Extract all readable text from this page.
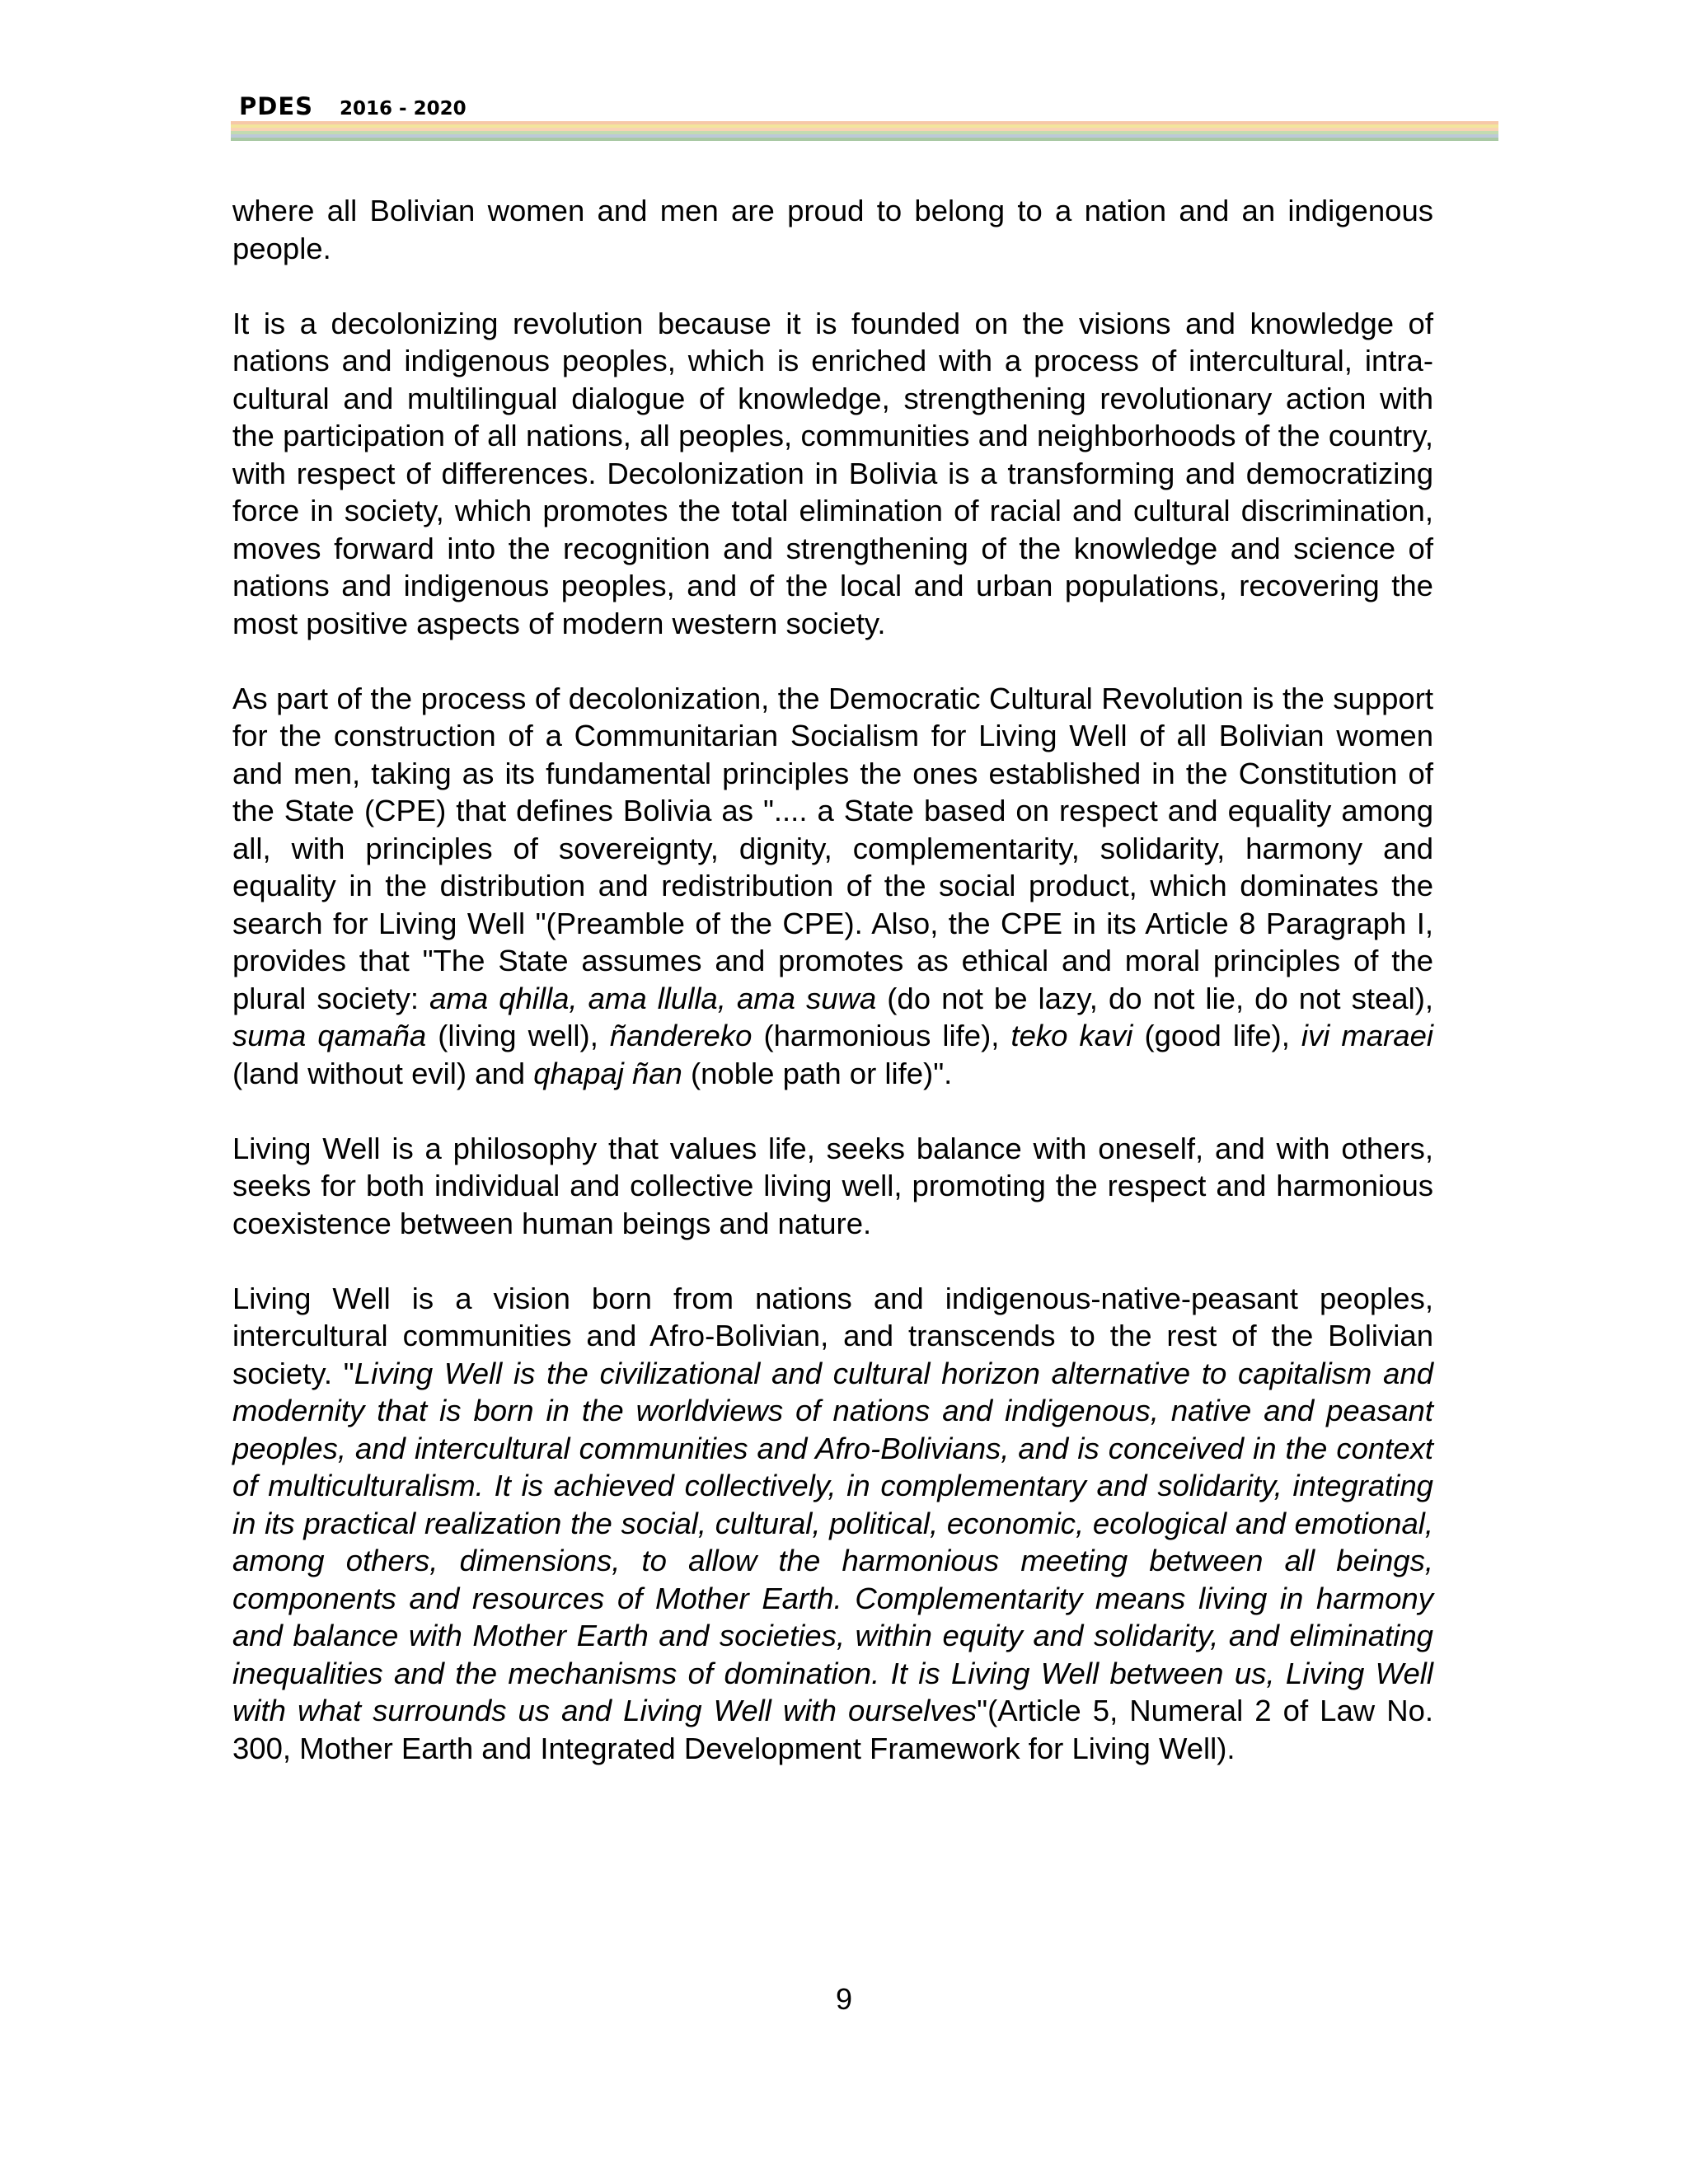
PDES 2016 - 2020

where all Bolivian women and men are proud to belong to a nation and an indigenous people.

It is a decolonizing revolution because it is founded on the visions and knowledge of nations and indigenous peoples, which is enriched with a process of intercultural, intra-cultural and multilingual dialogue of knowledge, strengthening revolutionary action with the participation of all nations, all peoples, communities and neighborhoods of the country, with respect of differences. Decolonization in Bolivia is a transforming and democratizing force in society, which promotes the total elimination of racial and cultural discrimination, moves forward into the recognition and strengthening of the knowledge and science of nations and indigenous peoples, and of the local and urban populations, recovering the most positive aspects of modern western society.

As part of the process of decolonization, the Democratic Cultural Revolution is the support for the construction of a Communitarian Socialism for Living Well of all Bolivian women and men, taking as its fundamental principles the ones established in the Constitution of the State (CPE) that defines Bolivia as ".... a State based on respect and equality among all, with principles of sovereignty, dignity, complementarity, solidarity, harmony and equality in the distribution and redistribution of the social product, which dominates the search for Living Well "(Preamble of the CPE). Also, the CPE in its Article 8 Paragraph I, provides that "The State assumes and promotes as ethical and moral principles of the plural society: ama qhilla, ama llulla, ama suwa (do not be lazy, do not lie, do not steal), suma qamaña (living well), ñandereko (harmonious life), teko kavi (good life), ivi maraei (land without evil) and qhapaj ñan (noble path or life)".

Living Well is a philosophy that values life, seeks balance with oneself, and with others, seeks for both individual and collective living well, promoting the respect and harmonious coexistence between human beings and nature.

Living Well is a vision born from nations and indigenous-native-peasant peoples, intercultural communities and Afro-Bolivian, and transcends to the rest of the Bolivian society. "Living Well is the civilizational and cultural horizon alternative to capitalism and modernity that is born in the worldviews of nations and indigenous, native and peasant peoples, and intercultural communities and Afro-Bolivians, and is conceived in the context of multiculturalism. It is achieved collectively, in complementary and solidarity, integrating in its practical realization the social, cultural, political, economic, ecological and emotional, among others, dimensions, to allow the harmonious meeting between all beings, components and resources of Mother Earth. Complementarity means living in harmony and balance with Mother Earth and societies, within equity and solidarity, and eliminating inequalities and the mechanisms of domination. It is Living Well between us, Living Well with what surrounds us and Living Well with ourselves"(Article 5, Numeral 2 of Law No. 300, Mother Earth and Integrated Development Framework for Living Well).

9
